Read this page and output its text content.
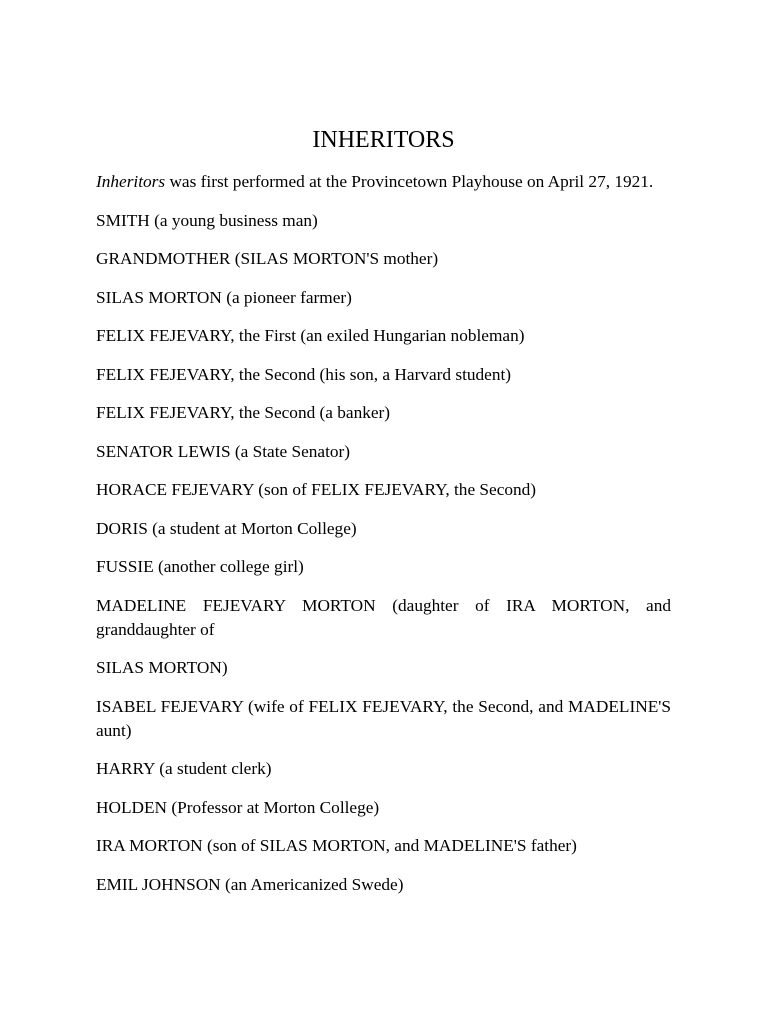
INHERITORS

Inheritors was first performed at the Provincetown Playhouse on April 27, 1921.

SMITH (a young business man)

GRANDMOTHER (SILAS MORTON'S mother)

SILAS MORTON (a pioneer farmer)

FELIX FEJEVARY, the First (an exiled Hungarian nobleman)

FELIX FEJEVARY, the Second (his son, a Harvard student)

FELIX FEJEVARY, the Second (a banker)

SENATOR LEWIS (a State Senator)

HORACE FEJEVARY (son of FELIX FEJEVARY, the Second)

DORIS (a student at Morton College)

FUSSIE (another college girl)

MADELINE FEJEVARY MORTON (daughter of IRA MORTON, and granddaughter of

SILAS MORTON)

ISABEL FEJEVARY (wife of FELIX FEJEVARY, the Second, and MADELINE'S aunt)

HARRY (a student clerk)

HOLDEN (Professor at Morton College)

IRA MORTON (son of SILAS MORTON, and MADELINE'S father)

EMIL JOHNSON (an Americanized Swede)
